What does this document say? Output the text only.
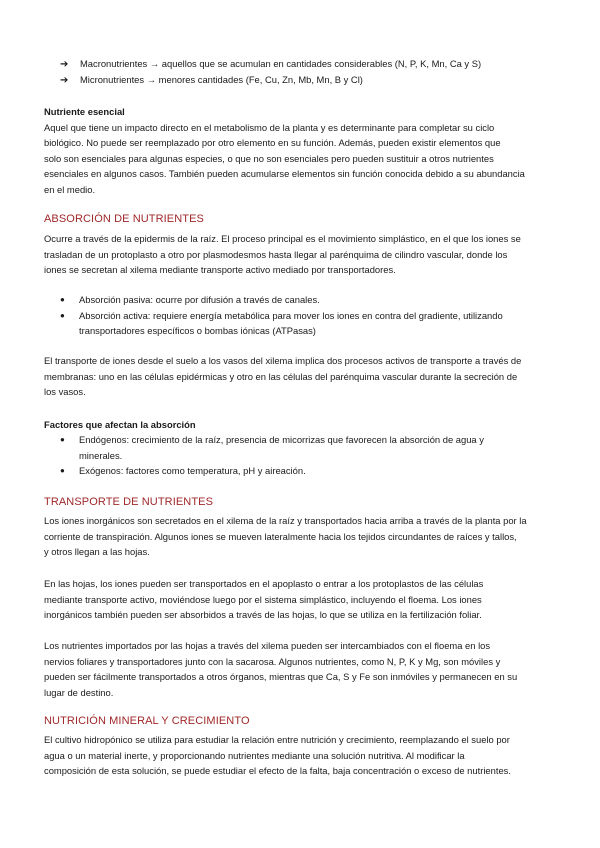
➔	Macronutrientes → aquellos que se acumulan en cantidades considerables (N, P, K, Mn, Ca y S)
➔	Micronutrientes → menores cantidades (Fe, Cu, Zn, Mb, Mn, B y Cl)

Nutriente esencial

Aquel que tiene un impacto directo en el metabolismo de la planta y es determinante para completar su ciclo

biológico. No puede ser reemplazado por otro elemento en su función. Además, pueden existir elementos que

solo son esenciales para algunas especies, o que no son esenciales pero pueden sustituir a otros nutrientes

esenciales en algunos casos. También pueden acumularse elementos sin función conocida debido a su abundancia

en el medio.

ABSORCIÓN DE NUTRIENTES

Ocurre a través de la epidermis de la raíz. El proceso principal es el movimiento simplástico, en el que los iones se

trasladan de un protoplasto a otro por plasmodesmos hasta llegar al parénquima de cilindro vascular, donde los

iones se secretan al xilema mediante transporte activo mediado por transportadores.

●	Absorción pasiva: ocurre por difusión a través de canales.
●	Absorción activa: requiere energía metabólica para mover los iones en contra del gradiente, utilizando
transportadores específicos o bombas iónicas (ATPasas)

El transporte de iones desde el suelo a los vasos del xilema implica dos procesos activos de transporte a través de

membranas: uno en las células epidérmicas y otro en las células del parénquima vascular durante la secreción de

los vasos.

Factores que afectan la absorción

●	Endógenos: crecimiento de la raíz, presencia de micorrizas que favorecen la absorción de agua y
minerales.
●	Exógenos: factores como temperatura, pH y aireación.

TRANSPORTE DE NUTRIENTES

Los iones inorgánicos son secretados en el xilema de la raíz y transportados hacia arriba a través de la planta por la

corriente de transpiración. Algunos iones se mueven lateralmente hacia los tejidos circundantes de raíces y tallos,

y otros llegan a las hojas.

En las hojas, los iones pueden ser transportados en el apoplasto o entrar a los protoplastos de las células

mediante transporte activo, moviéndose luego por el sistema simplástico, incluyendo el floema. Los iones

inorgánicos también pueden ser absorbidos a través de las hojas, lo que se utiliza en la fertilización foliar.

Los nutrientes importados por las hojas a través del xilema pueden ser intercambiados con el floema en los

nervios foliares y transportadores junto con la sacarosa. Algunos nutrientes, como N, P, K y Mg, son móviles y

pueden ser fácilmente transportados a otros órganos, mientras que Ca, S y Fe son inmóviles y permanecen en su

lugar de destino.

NUTRICIÓN MINERAL Y CRECIMIENTO

El cultivo hidropónico se utiliza para estudiar la relación entre nutrición y crecimiento, reemplazando el suelo por

agua o un material inerte, y proporcionando nutrientes mediante una solución nutritiva. Al modificar la

composición de esta solución, se puede estudiar el efecto de la falta, baja concentración o exceso de nutrientes.
